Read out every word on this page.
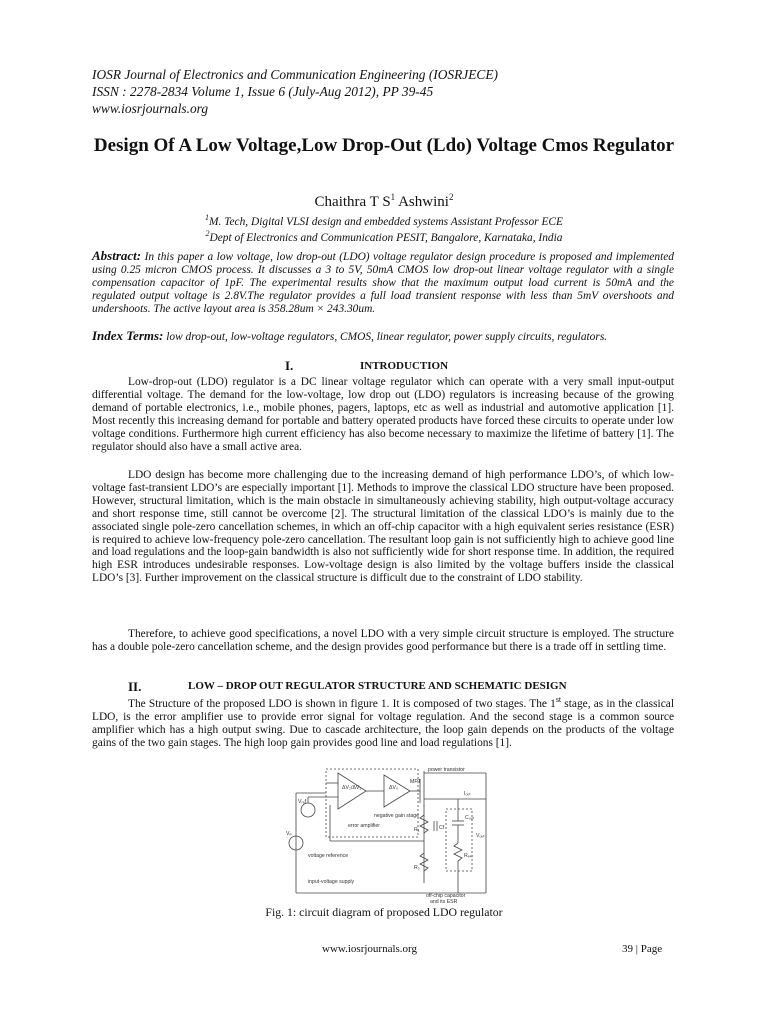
IOSR Journal of Electronics and Communication Engineering (IOSRJECE)
ISSN : 2278-2834 Volume 1, Issue 6 (July-Aug 2012), PP 39-45
www.iosrjournals.org
Design Of A Low Voltage,Low Drop-Out (Ldo) Voltage Cmos Regulator
Chaithra T $S^1$ Ashwini$^2$
$^1$M. Tech, Digital VLSI design and embedded systems Assistant Professor ECE
$^2$Dept of Electronics and Communication PESIT, Bangalore, Karnataka, India
Abstract: In this paper a low voltage, low drop-out (LDO) voltage regulator design procedure is proposed and implemented using 0.25 micron CMOS process. It discusses a 3 to 5V, 50mA CMOS low drop-out linear voltage regulator with a single compensation capacitor of 1pF. The experimental results show that the maximum output load current is 50mA and the regulated output voltage is 2.8V.The regulator provides a full load transient response with less than 5mV overshoots and undershoots. The active layout area is 358.28um × 243.30um.
Index Terms: low drop-out, low-voltage regulators, CMOS, linear regulator, power supply circuits, regulators.
I.	INTRODUCTION
Low-drop-out (LDO) regulator is a DC linear voltage regulator which can operate with a very small input-output differential voltage. The demand for the low-voltage, low drop out (LDO) regulators is increasing because of the growing demand of portable electronics, i.e., mobile phones, pagers, laptops, etc as well as industrial and automotive application [1]. Most recently this increasing demand for portable and battery operated products have forced these circuits to operate under low voltage conditions. Furthermore high current efficiency has also become necessary to maximize the lifetime of battery [1]. The regulator should also have a small active area.
LDO design has become more challenging due to the increasing demand of high performance LDO’s, of which low-voltage fast-transient LDO’s are especially important [1]. Methods to improve the classical LDO structure have been proposed. However, structural limitation, which is the main obstacle in simultaneously achieving stability, high output-voltage accuracy and short response time, still cannot be overcome [2]. The structural limitation of the classical LDO’s is mainly due to the associated single pole-zero cancellation schemes, in which an off-chip capacitor with a high equivalent series resistance (ESR) is required to achieve low-frequency pole-zero cancellation. The resultant loop gain is not sufficiently high to achieve good line and load regulations and the loop-gain bandwidth is also not sufficiently wide for short response time. In addition, the required high ESR introduces undesirable responses. Low-voltage design is also limited by the voltage buffers inside the classical LDO’s [3]. Further improvement on the classical structure is difficult due to the constraint of LDO stability.
Therefore, to achieve good specifications, a novel LDO with a very simple circuit structure is employed. The structure has a double pole-zero cancellation scheme, and the design provides good performance but there is a trade off in settling time.
II.	LOW – DROP OUT REGULATOR STRUCTURE AND SCHEMATIC DESIGN
The Structure of the proposed LDO is shown in figure 1. It is composed of two stages. The 1st stage, as in the classical LDO, is the error amplifier use to provide error signal for voltage regulation. And the second stage is a common source amplifier which has a high output swing. Due to cascade architecture, the loop gain depends on the products of the voltage gains of the two gain stages. The high loop gain provides good line and load regulations [1].
power transistor
MPT
ΔV₂/ΔV₁	ΔVₒ
Vᵣₑf
Vᵢₙ
Iₒᵤₜ
negative gain stage
error amplifier
R₁
R₂
Cf
Cₒᵤₜ
Rₑₛᵣ
Vₒᵤₜ
voltage reference
input-voltage supply
off-chip capacitor
and its ESR
Fig. 1: circuit diagram of proposed LDO regulator
www.iosrjournals.org	39 | Page
